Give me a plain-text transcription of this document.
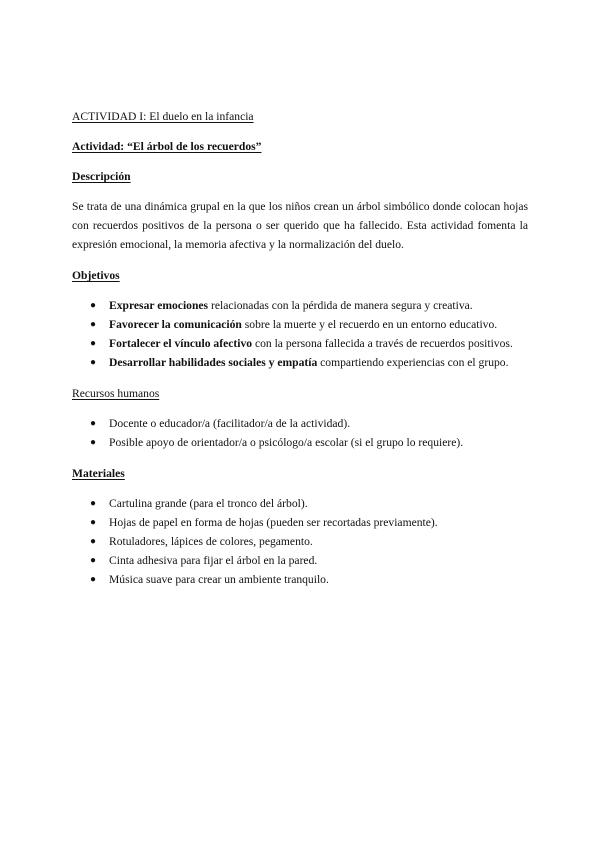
ACTIVIDAD I: El duelo en la infancia

Actividad: “El árbol de los recuerdos”

Descripción

Se trata de una dinámica grupal en la que los niños crean un árbol simbólico donde colocan hojas con recuerdos positivos de la persona o ser querido que ha fallecido. Esta actividad fomenta la expresión emocional, la memoria afectiva y la normalización del duelo.

Objetivos

● Expresar emociones relacionadas con la pérdida de manera segura y creativa.
● Favorecer la comunicación sobre la muerte y el recuerdo en un entorno educativo.
● Fortalecer el vínculo afectivo con la persona fallecida a través de recuerdos positivos.
● Desarrollar habilidades sociales y empatía compartiendo experiencias con el grupo.

Recursos humanos

● Docente o educador/a (facilitador/a de la actividad).
● Posible apoyo de orientador/a o psicólogo/a escolar (si el grupo lo requiere).

Materiales

● Cartulina grande (para el tronco del árbol).
● Hojas de papel en forma de hojas (pueden ser recortadas previamente).
● Rotuladores, lápices de colores, pegamento.
● Cinta adhesiva para fijar el árbol en la pared.
● Música suave para crear un ambiente tranquilo.
